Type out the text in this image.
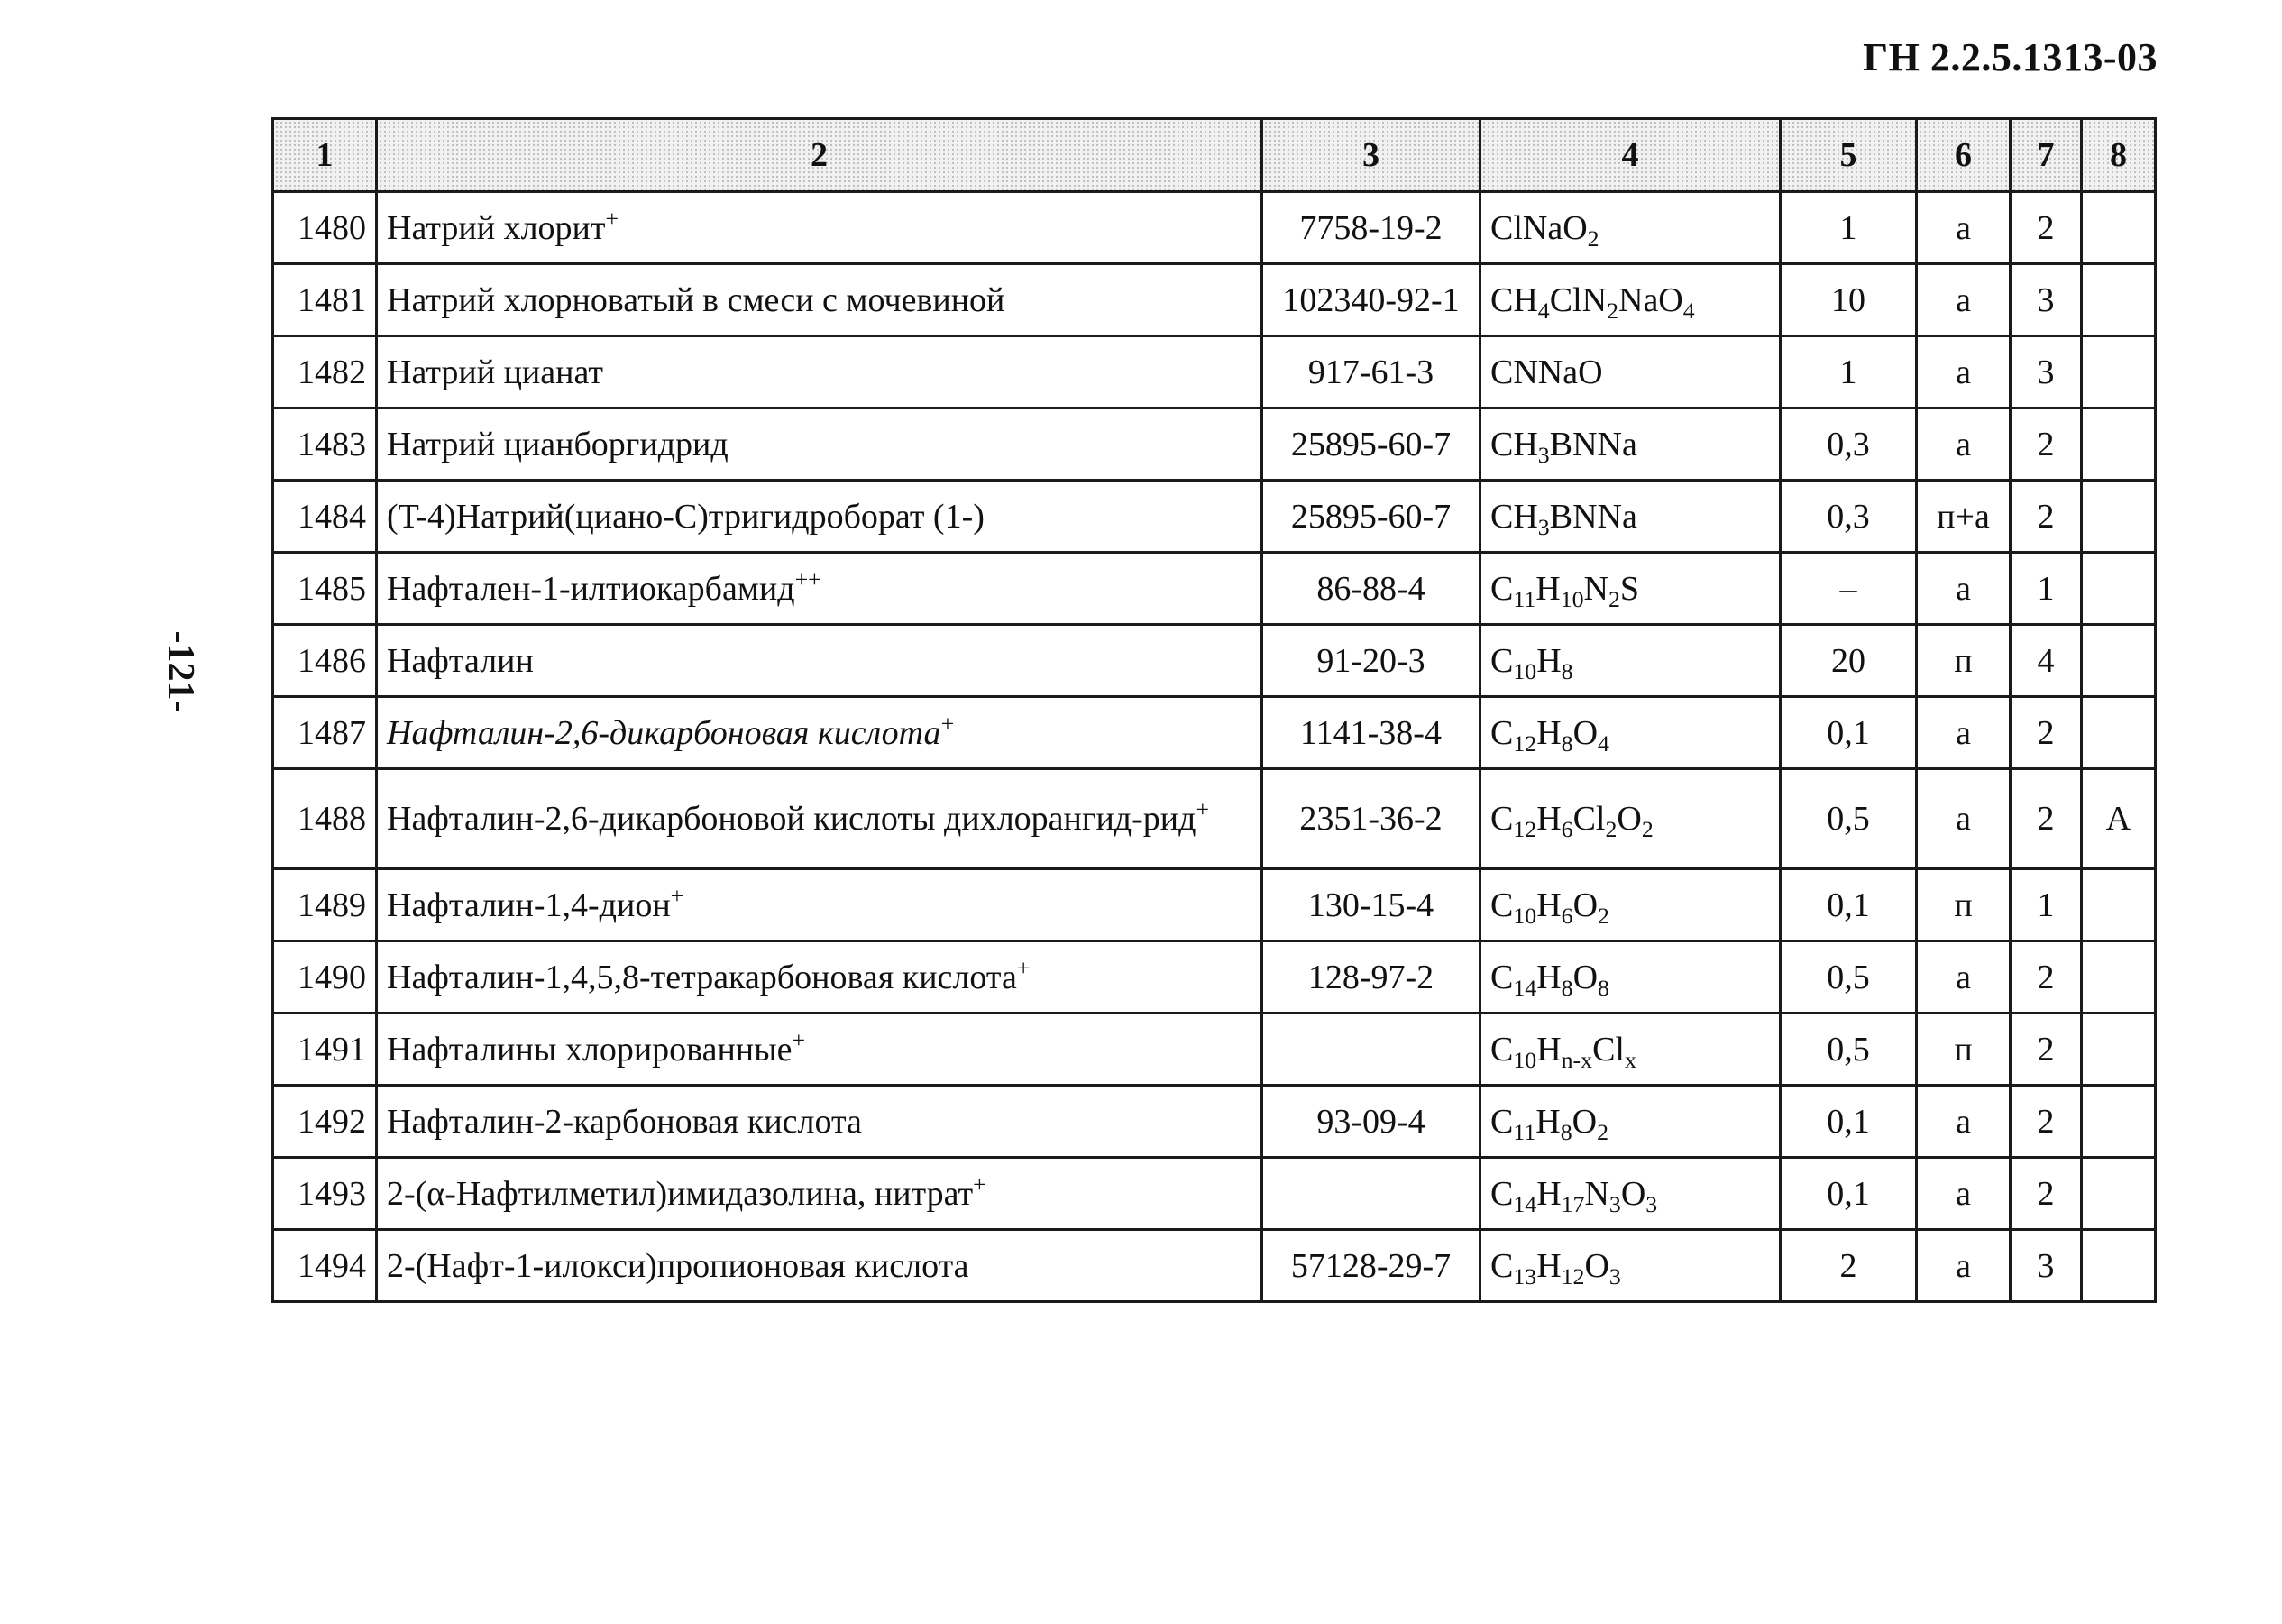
ГН 2.2.5.1313-03
-121-
1	2	3	4	5	6	7	8
1480	Натрий хлорит+	7758-19-2	ClNaO$_2$	1	a	2	
1481	Натрий хлорноватый в смеси с мочевиной	102340-92-1	$CH_4ClN_2NaO_4$	10	a	3	
1482	Натрий цианат	917-61-3	CNNaO	1	a	3	
1483	Натрий цианборгидрид	25895-60-7	$CH_3BNNa$	0,3	a	2	
1484	(T-4)Натрий(циано-C)тригидроборат (1-)	25895-60-7	$CH_3BNNa$	0,3	п+а	2	
1485	Нафтален-1-илтиокарбамид++	86-88-4	$C_{11}H_{10}N_2S$	–	a	1	
1486	Нафталин	91-20-3	$C_{10}H_8$	20	п	4	
1487	Нафталин-2,6-дикарбоновая кислота+	1141-38-4	$C_{12}H_8O_4$	0,1	a	2	
1488	Нафталин-2,6-дикарбоновой кислоты дихлорангид-рид+	2351-36-2	$C_{12}H_6Cl_2O_2$	0,5	a	2	А
1489	Нафталин-1,4-дион+	130-15-4	$C_{10}H_6O_2$	0,1	п	1	
1490	Нафталин-1,4,5,8-тетракарбоновая кислота+	128-97-2	$C_{14}H_8O_8$	0,5	a	2	
1491	Нафталины хлорированные+		$C_{10}H_{n-x}Cl_x$	0,5	п	2	
1492	Нафталин-2-карбоновая кислота	93-09-4	$C_{11}H_8O_2$	0,1	a	2	
1493	2-(α-Нафтилметил)имидазолина, нитрат+		$C_{14}H_{17}N_3O_3$	0,1	a	2	
1494	2-(Нафт-1-илокси)пропионовая кислота	57128-29-7	$C_{13}H_{12}O_3$	2	a	3	
